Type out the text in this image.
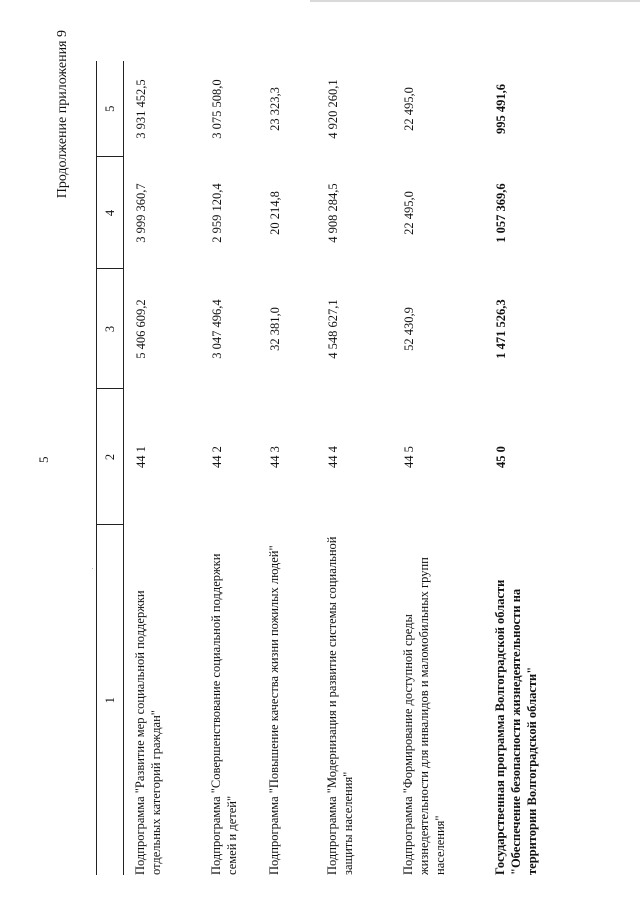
5
Продолжение приложения 9
1	2	3	4	5

Подпрограмма "Развитие мер социальной поддержки отдельных категорий граждан"	44 1	5 406 609,2	3 999 360,7	3 931 452,5
Подпрограмма "Совершенствование социальной поддержки семей и детей"	44 2	3 047 496,4	2 959 120,4	3 075 508,0
Подпрограмма "Повышение качества жизни пожилых людей"	44 3	32 381,0	20 214,8	23 323,3
Подпрограмма "Модернизация и развитие системы социальной защиты населения"	44 4	4 548 627,1	4 908 284,5	4 920 260,1
Подпрограмма "Формирование доступной среды жизнедеятельности для инвалидов и маломобильных групп населения"	44 5	52 430,9	22 495,0	22 495,0
Государственная программа Волгоградской области "Обеспечение безопасности жизнедеятельности на территории Волгоградской области"	45 0	1 471 526,3	1 057 369,6	995 491,6
